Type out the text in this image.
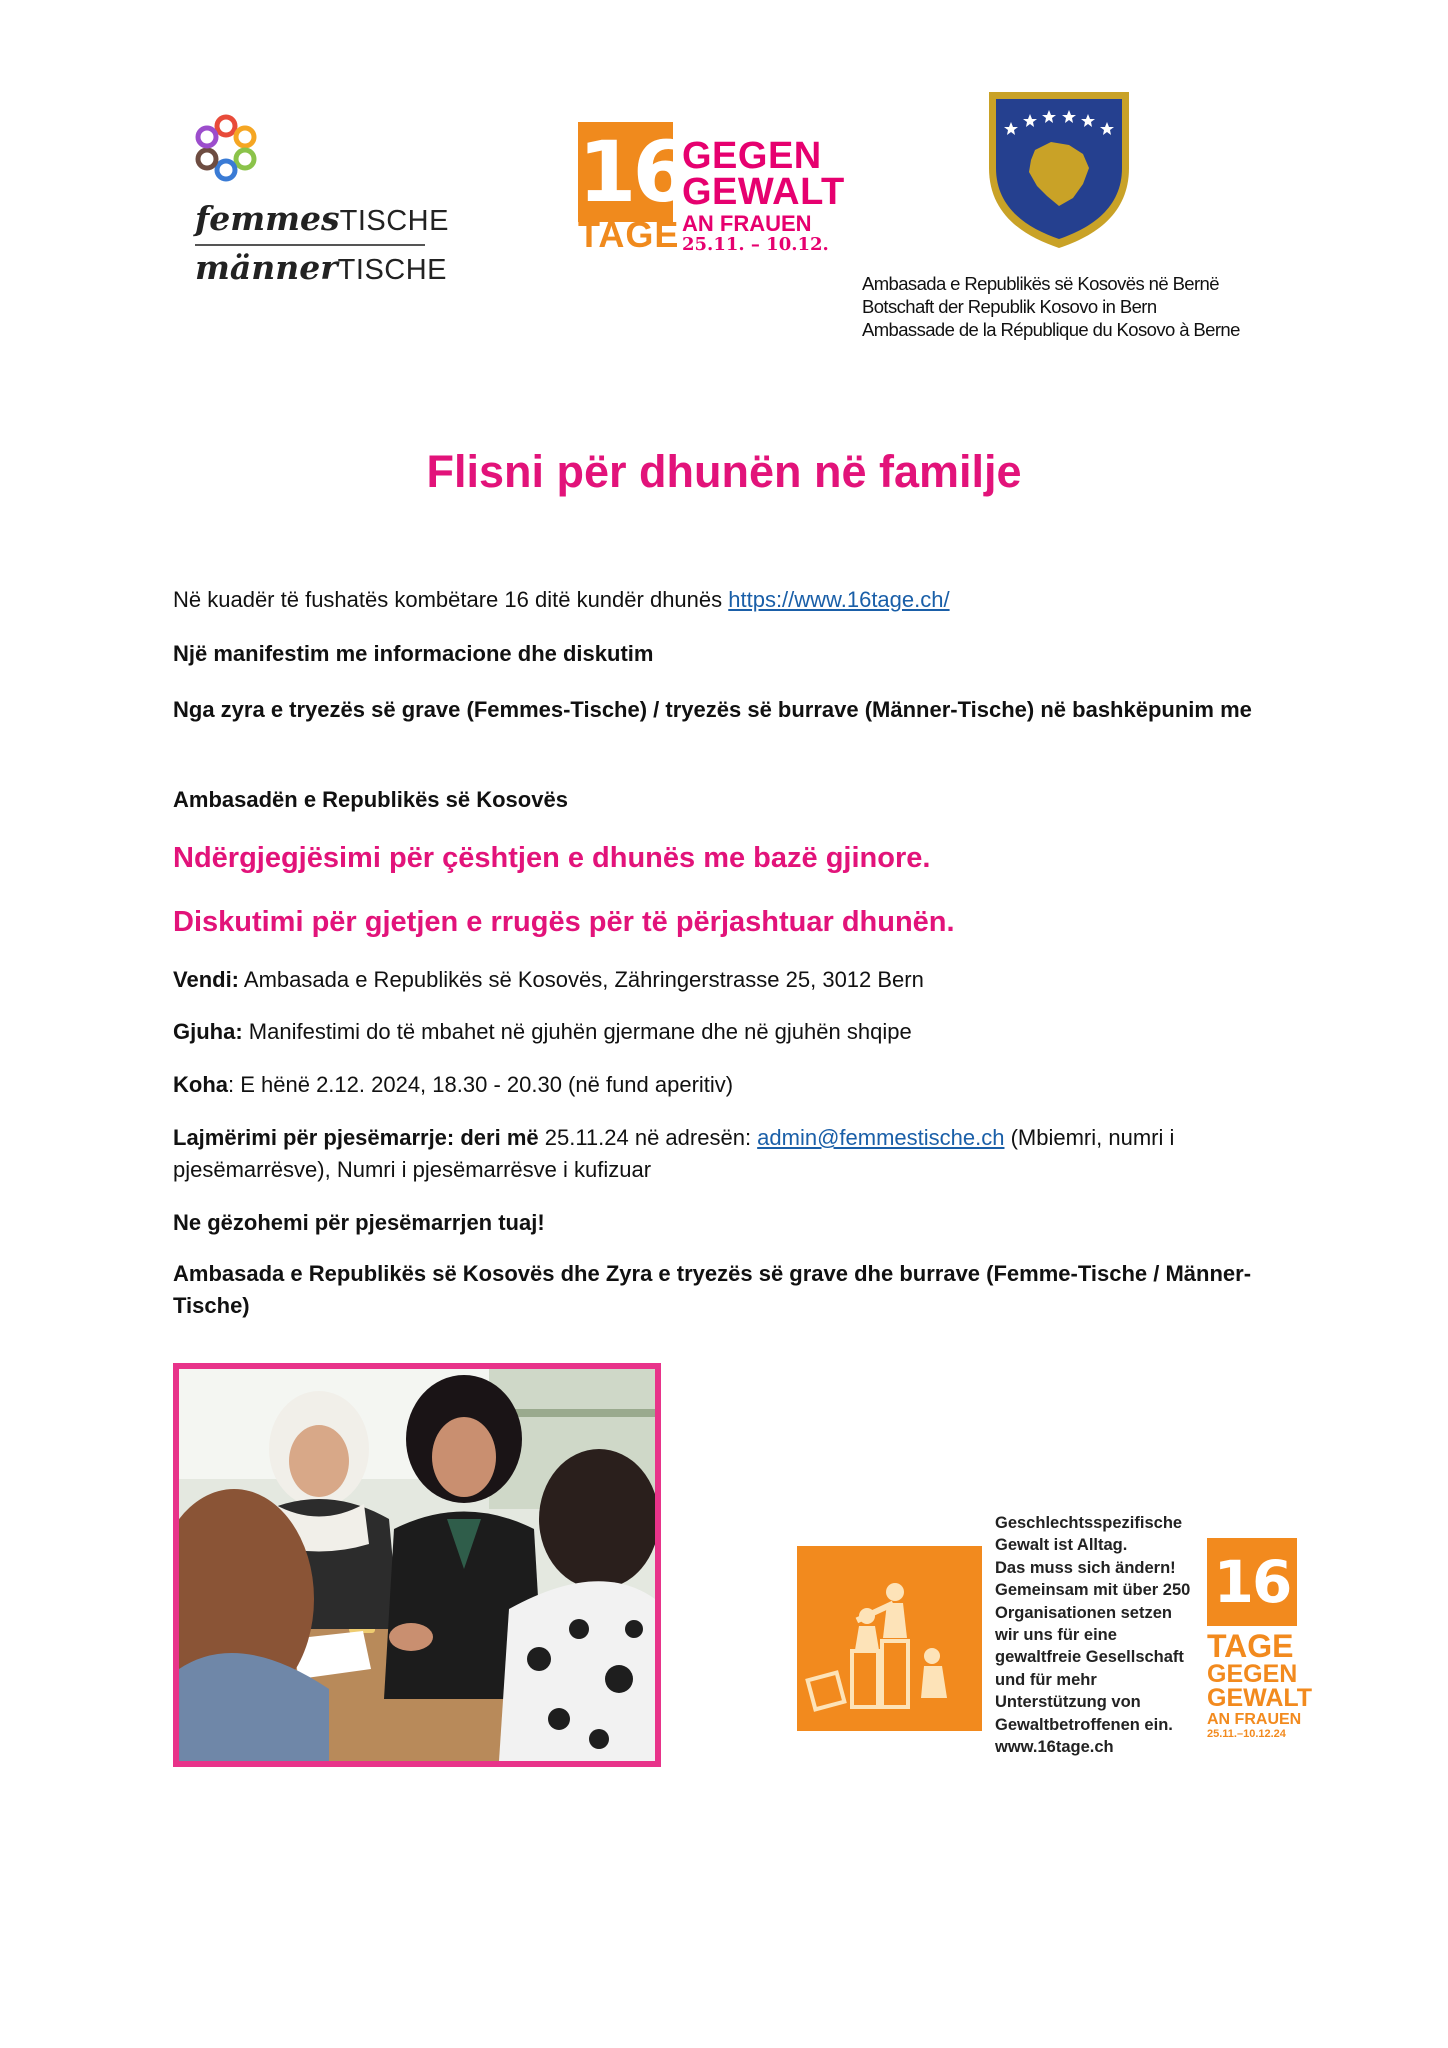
femmesTISCHE
männerTISCHE
16
TAGE
GEGEN
GEWALT
AN FRAUEN
25.11. – 10.12.
Ambasada e Republikës së Kosovës në Bernë
Botschaft der Republik Kosovo in Bern
Ambassade de la République du Kosovo à Berne
Flisni për dhunën në familje
Në kuadër të fushatës kombëtare 16 ditë kundër dhunës https://www.16tage.ch/
Një manifestim me informacione dhe diskutim
Nga zyra e tryezës së grave (Femmes-Tische) / tryezës së burrave (Männer-Tische) në bashkëpunim me
Ambasadën e Republikës së Kosovës
Ndërgjegjësimi për çështjen e dhunës me bazë gjinore.
Diskutimi për gjetjen e rrugës për të përjashtuar dhunën.
Vendi: Ambasada e Republikës së Kosovës, Zähringerstrasse 25, 3012 Bern
Gjuha: Manifestimi do të mbahet në gjuhën gjermane dhe në gjuhën shqipe
Koha: E hënë 2.12. 2024, 18.30 - 20.30 (në fund aperitiv)
Lajmërimi për pjesëmarrje: deri më 25.11.24 në adresën: admin@femmestische.ch (Mbiemri, numri i pjesëmarrësve), Numri i pjesëmarrësve i kufizuar
Ne gëzohemi për pjesëmarrjen tuaj!
Ambasada e Republikës së Kosovës dhe Zyra e tryezës së grave dhe burrave (Femme-Tische / Männer-Tische)
Geschlechtsspezifische
Gewalt ist Alltag.
Das muss sich ändern!
Gemeinsam mit über 250
Organisationen setzen
wir uns für eine
gewaltfreie Gesellschaft
und für mehr
Unterstützung von
Gewaltbetroffenen ein.
www.16tage.ch
16
TAGE
GEGEN
GEWALT
AN FRAUEN
25.11.–10.12.24
